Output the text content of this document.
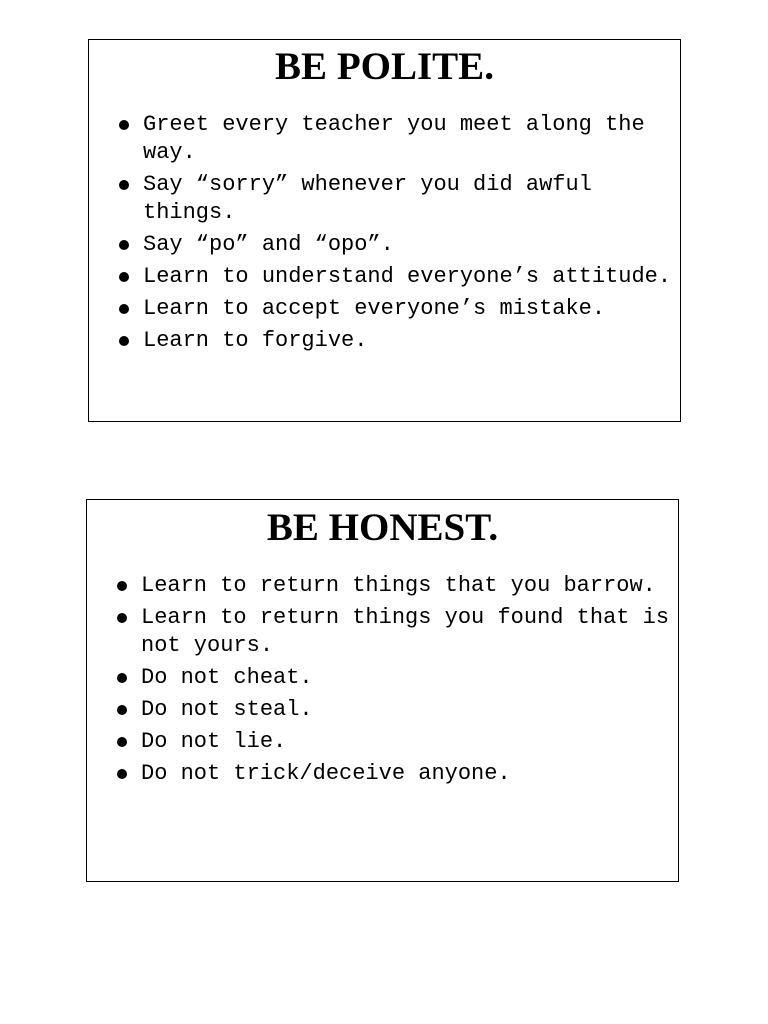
BE POLITE.
Greet every teacher you meet along the way.
Say “sorry” whenever you did awful things.
Say “po” and “opo”.
Learn to understand everyone’s attitude.
Learn to accept everyone’s mistake.
Learn to forgive.
BE HONEST.
Learn to return things that you barrow.
Learn to return things you found that is not yours.
Do not cheat.
Do not steal.
Do not lie.
Do not trick/deceive anyone.
